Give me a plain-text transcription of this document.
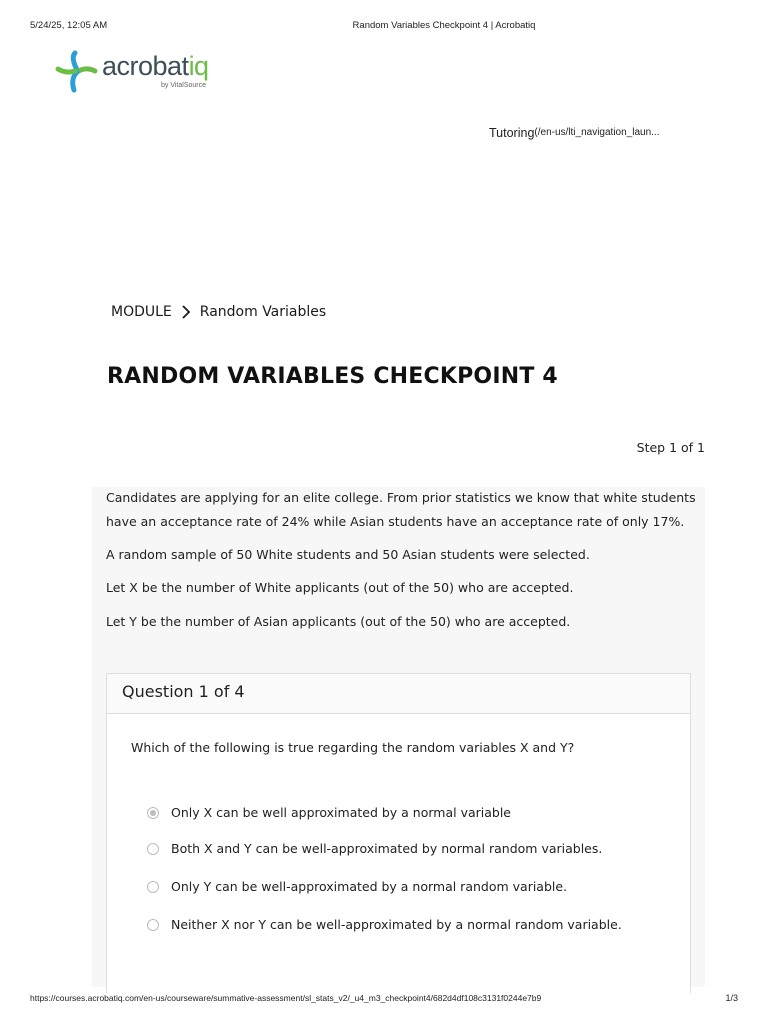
5/24/25, 12:05 AM	Random Variables Checkpoint 4 | Acrobatiq
acrobatiq
by VitalSource
Tutoring(/en-us/lti_navigation_laun...
MODULE Random Variables
RANDOM VARIABLES CHECKPOINT 4
Step 1 of 1

Candidates are applying for an elite college. From prior statistics we know that white students

have an acceptance rate of 24% while Asian students have an acceptance rate of only 17%.

A random sample of 50 White students and 50 Asian students were selected.

Let X be the number of White applicants (out of the 50) who are accepted.

Let Y be the number of Asian applicants (out of the 50) who are accepted.

Question 1 of 4
Which of the following is true regarding the random variables X and Y?
Only X can be well approximated by a normal variable
Both X and Y can be well-approximated by normal random variables.
Only Y can be well-approximated by a normal random variable.
Neither X nor Y can be well-approximated by a normal random variable.
https://courses.acrobatiq.com/en-us/courseware/summative-assessment/sl_stats_v2/_u4_m3_checkpoint4/682d4df108c3131f0244e7b9	1/3
